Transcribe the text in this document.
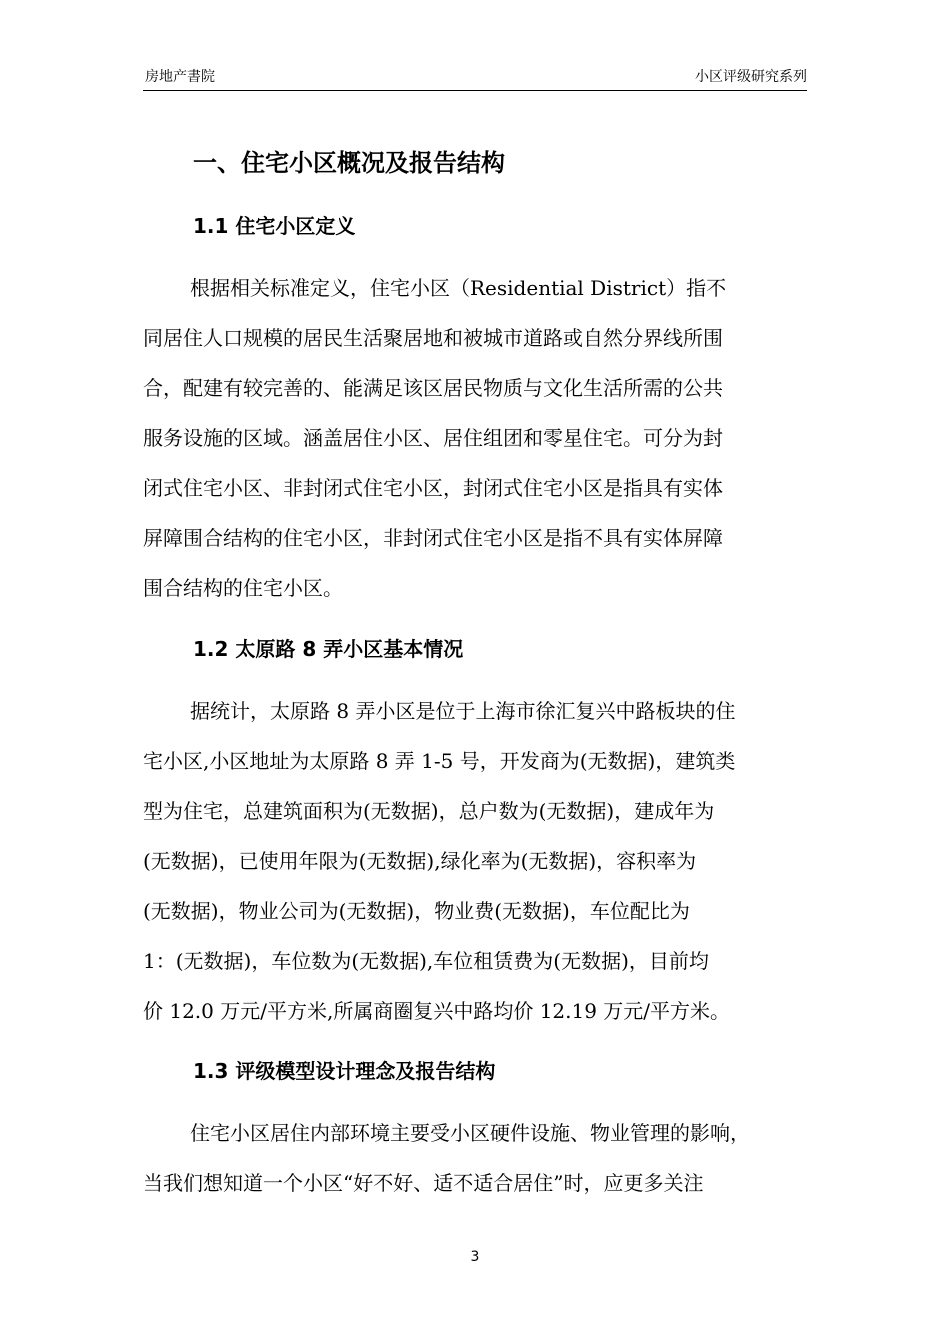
房地产書院	小区评级研究系列
一、住宅小区概况及报告结构
1.1 住宅小区定义
根据相关标准定义，住宅小区（Residential District）指不
同居住人口规模的居民生活聚居地和被城市道路或自然分界线所围
合，配建有较完善的、能满足该区居民物质与文化生活所需的公共
服务设施的区域。涵盖居住小区、居住组团和零星住宅。可分为封
闭式住宅小区、非封闭式住宅小区，封闭式住宅小区是指具有实体
屏障围合结构的住宅小区，非封闭式住宅小区是指不具有实体屏障
围合结构的住宅小区。
1.2 太原路 8 弄小区基本情况
据统计，太原路 8 弄小区是位于上海市徐汇复兴中路板块的住
宅小区,小区地址为太原路 8 弄 1-5 号，开发商为(无数据)，建筑类
型为住宅，总建筑面积为(无数据)，总户数为(无数据)，建成年为
(无数据)，已使用年限为(无数据),绿化率为(无数据)，容积率为
(无数据)，物业公司为(无数据)，物业费(无数据)，车位配比为
1：(无数据)，车位数为(无数据),车位租赁费为(无数据)，目前均
价 12.0 万元/平方米,所属商圈复兴中路均价 12.19 万元/平方米。
1.3 评级模型设计理念及报告结构
住宅小区居住内部环境主要受小区硬件设施、物业管理的影响，
当我们想知道一个小区“好不好、适不适合居住”时，应更多关注
3
